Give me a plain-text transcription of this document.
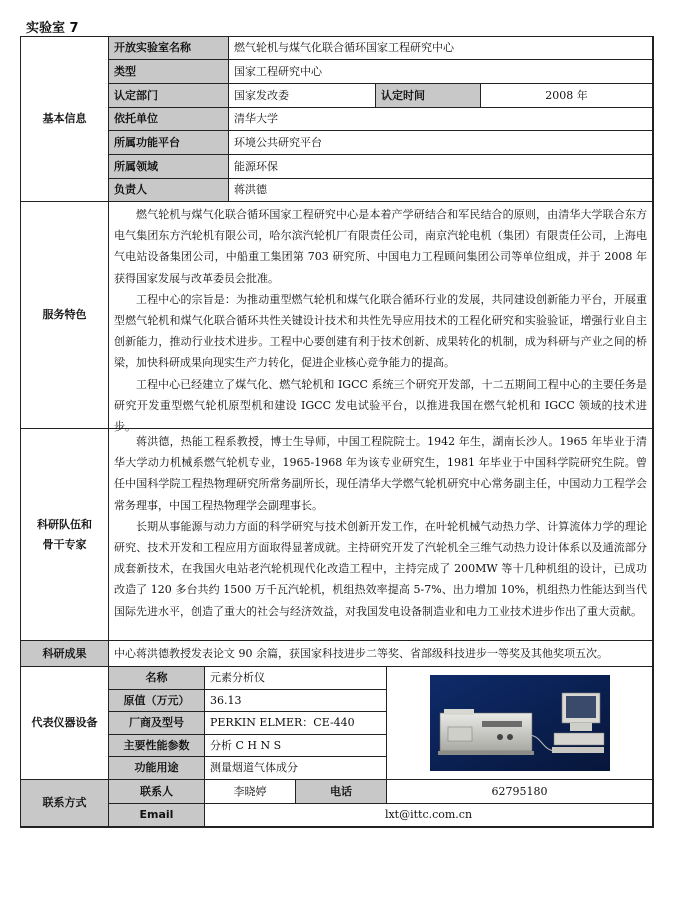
实验室 7
基本信息
开放实验室名称	燃气轮机与煤气化联合循环国家工程研究中心
类型	国家工程研究中心
认定部门	国家发改委	认定时间	2008 年
依托单位	清华大学
所属功能平台	环境公共研究平台
所属领域	能源环保
负责人	蒋洪德
服务特色

燃气轮机与煤气化联合循环国家工程研究中心是本着产学研结合和军民结合的原则，由清华大学联合东方电气集团东方汽轮机有限公司，哈尔滨汽轮机厂有限责任公司，南京汽轮电机（集团）有限责任公司，上海电气电站设备集团公司，中船重工集团第 703 研究所、中国电力工程顾问集团公司等单位组成，并于 2008 年获得国家发展与改革委员会批准。

工程中心的宗旨是：为推动重型燃气轮机和煤气化联合循环行业的发展，共同建设创新能力平台，开展重型燃气轮机和煤气化联合循环共性关键设计技术和共性先导应用技术的工程化研究和实验验证，增强行业自主创新能力，推动行业技术进步。工程中心要创建有利于技术创新、成果转化的机制，成为科研与产业之间的桥梁，加快科研成果向现实生产力转化，促进企业核心竞争能力的提高。

工程中心已经建立了煤气化、燃气轮机和 IGCC 系统三个研究开发部，十二五期间工程中心的主要任务是研究开发重型燃气轮机原型机和建设 IGCC 发电试验平台，以推进我国在燃气轮机和 IGCC 领域的技术进步。

科研队伍和
骨干专家

蒋洪德，热能工程系教授，博士生导师，中国工程院院士。1942 年生，湖南长沙人。1965 年毕业于清华大学动力机械系燃气轮机专业，1965-1968 年为该专业研究生，1981 年毕业于中国科学院研究生院。曾任中国科学院工程热物理研究所常务副所长，现任清华大学燃气轮机研究中心常务副主任，中国动力工程学会常务理事，中国工程热物理学会副理事长。

长期从事能源与动力方面的科学研究与技术创新开发工作，在叶轮机械气动热力学、计算流体力学的理论研究、技术开发和工程应用方面取得显著成就。主持研究开发了汽轮机全三维气动热力设计体系以及通流部分成套新技术，在我国火电站老汽轮机现代化改造工程中，主持完成了 200MW 等十几种机组的设计，已成功改造了 120 多台共约 1500 万千瓦汽轮机，机组热效率提高 5-7%、出力增加 10%，机组热力性能达到当代国际先进水平，创造了重大的社会与经济效益，对我国发电设备制造业和电力工业技术进步作出了重大贡献。

科研成果	中心蒋洪德教授发表论文 90 余篇，获国家科技进步二等奖、省部级科技进步一等奖及其他奖项五次。
代表仪器设备
名称	元素分析仪
原值（万元）	36.13
厂商及型号	PERKIN ELMER：CE-440
主要性能参数	分析 C H N S
功能用途	测量烟道气体成分
联系方式
联系人	李晓婷	电话	62795180
Email	lxt@ittc.com.cn
